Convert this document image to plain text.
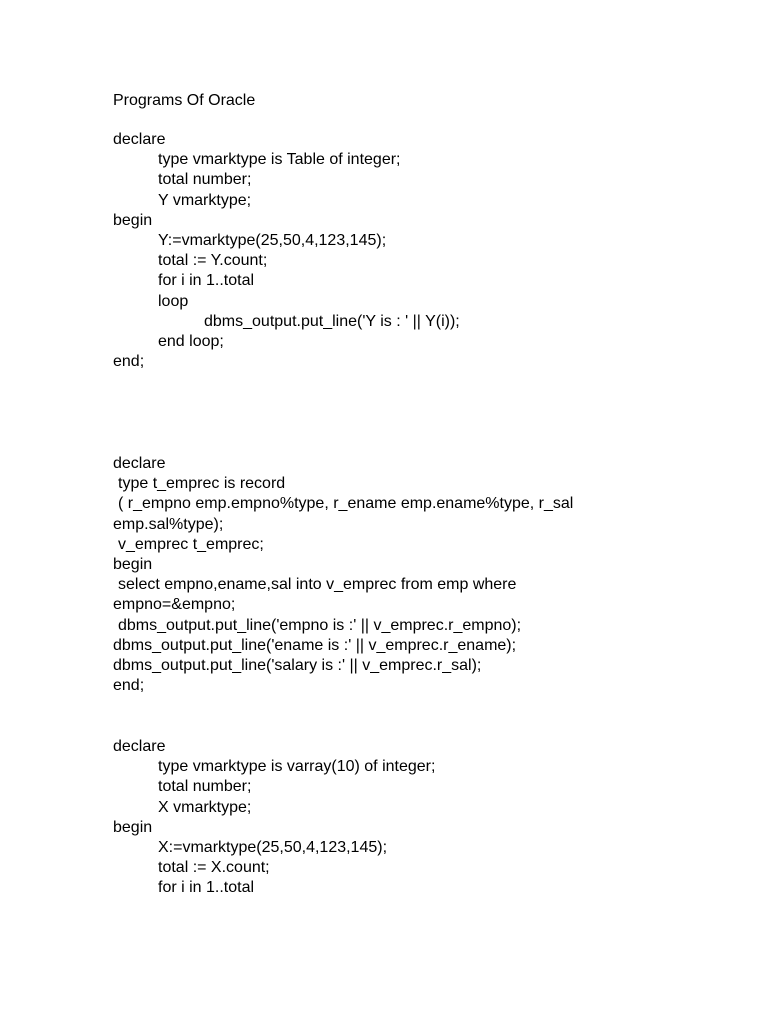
Programs Of Oracle
declare
type vmarktype is Table of integer;
total number;
Y vmarktype;
begin
Y:=vmarktype(25,50,4,123,145);
total := Y.count;
for i in 1..total
loop
dbms_output.put_line('Y is : ' || Y(i));
end loop;
end;
declare
type t_emprec is record
( r_empno emp.empno%type, r_ename emp.ename%type, r_sal
emp.sal%type);
v_emprec t_emprec;
begin
select empno,ename,sal into v_emprec from emp where
empno=&empno;
dbms_output.put_line('empno is :' || v_emprec.r_empno);
dbms_output.put_line('ename is :' || v_emprec.r_ename);
dbms_output.put_line('salary is :' || v_emprec.r_sal);
end;
declare
type vmarktype is varray(10) of integer;
total number;
X vmarktype;
begin
X:=vmarktype(25,50,4,123,145);
total := X.count;
for i in 1..total
